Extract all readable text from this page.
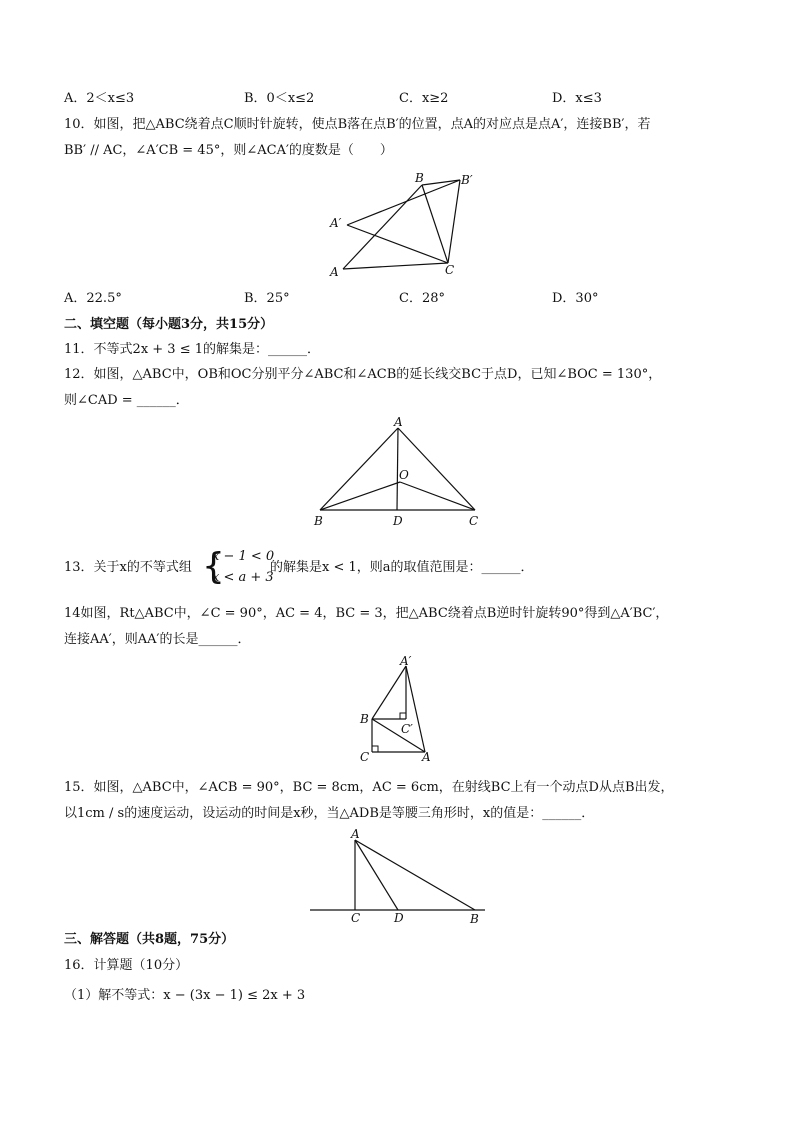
A．2＜x≤3	B．0＜x≤2	C．x≥2	D．x≤3
10．如图，把△ABC绕着点C顺时针旋转，使点B落在点B′的位置，点A的对应点是点A′，连接BB′，若
BB′ // AC，∠A′CB = 45°，则∠ACA′的度数是（　　）
B	B′
A′
A	C
A．22.5°	B．25°	C．28°	D．30°
二、填空题（每小题3分，共15分）
11．不等式2x + 3 ≤ 1的解集是：______．
12．如图，△ABC中，OB和OC分别平分∠ABC和∠ACB的延长线交BC于点D，已知∠BOC = 130°，
则∠CAD = ______．
A
O
B	D	C
13．关于x的不等式组 {
x − 1 < 0
x < a + 3
的解集是x < 1，则a的取值范围是：______．
14如图，Rt△ABC中，∠C = 90°，AC = 4，BC = 3，把△ABC绕着点B逆时针旋转90°得到△A′BC′，
连接AA′，则AA′的长是______．
A′
B
C′
C	A
15．如图，△ABC中，∠ACB = 90°，BC = 8cm，AC = 6cm，在射线BC上有一个动点D从点B出发，
以1cm / s的速度运动，设运动的时间是x秒，当△ADB是等腰三角形时，x的值是：______．
A
C	D	B
三、解答题（共8题，75分）
16．计算题（10分）
（1）解不等式：x − (3x − 1) ≤ 2x + 3
